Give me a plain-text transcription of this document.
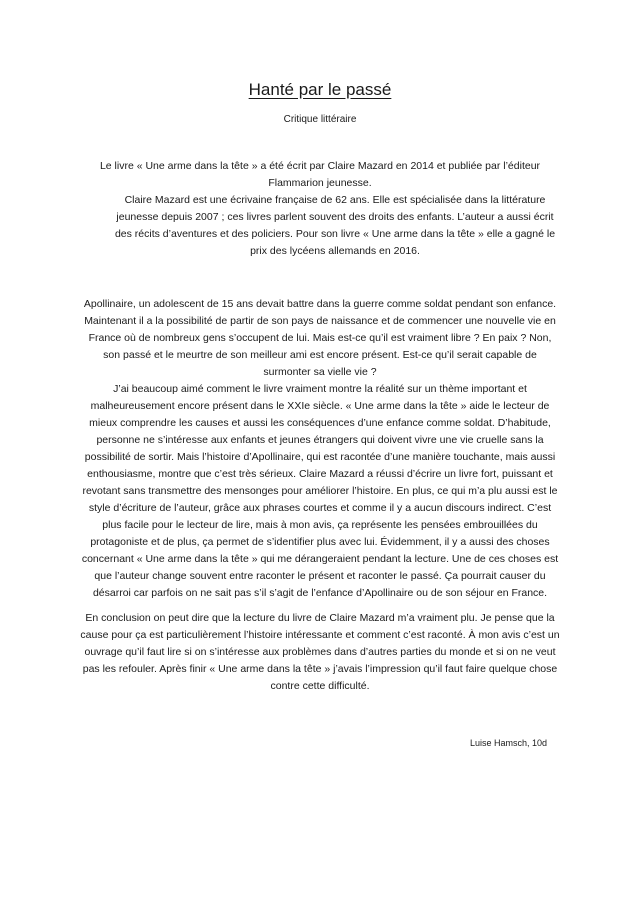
Hanté par le passé
Critique littéraire

Le livre « Une arme dans la tête » a été écrit par Claire Mazard en 2014 et publiée par l’éditeur Flammarion jeunesse.

Claire Mazard est une écrivaine française de 62 ans. Elle est spécialisée dans la littérature jeunesse depuis 2007 ; ces livres parlent souvent des droits des enfants. L’auteur a aussi écrit des récits d’aventures et des policiers. Pour son livre « Une arme dans la tête » elle a gagné le prix des lycéens allemands en 2016.

Apollinaire, un adolescent de 15 ans devait battre dans la guerre comme soldat pendant son enfance. Maintenant il a la possibilité de partir de son pays de naissance et de commencer une nouvelle vie en France où de nombreux gens s’occupent de lui. Mais est-ce qu’il est vraiment libre ? En paix ? Non, son passé et le meurtre de son meilleur ami est encore présent. Est-ce qu’il serait capable de surmonter sa vielle vie ?

J’ai beaucoup aimé comment le livre vraiment montre la réalité sur un thème important et malheureusement encore présent dans le XXIe siècle. « Une arme dans la tête » aide le lecteur de mieux comprendre les causes et aussi les conséquences d’une enfance comme soldat. D’habitude, personne ne s’intéresse aux enfants et jeunes étrangers qui doivent vivre une vie cruelle sans la possibilité de sortir. Mais l’histoire d’Apollinaire, qui est racontée d’une manière touchante, mais aussi enthousiasme, montre que c’est très sérieux. Claire Mazard a réussi d’écrire un livre fort, puissant et revotant sans transmettre des mensonges pour améliorer l’histoire. En plus, ce qui m’a plu aussi est le style d’écriture de l’auteur, grâce aux phrases courtes et comme il y a aucun discours indirect. C’est plus facile pour le lecteur de lire, mais à mon avis, ça représente les pensées embrouillées du protagoniste et de plus, ça permet de s’identifier plus avec lui. Évidemment, il y a aussi des choses concernant « Une arme dans la tête » qui me dérangeraient pendant la lecture. Une de ces choses est que l’auteur change souvent entre raconter le présent et raconter le passé. Ça pourrait causer du désarroi car parfois on ne sait pas s’il s’agit de l’enfance d’Apollinaire ou de son séjour en France.

En conclusion on peut dire que la lecture du livre de Claire Mazard m’a vraiment plu. Je pense que la cause pour ça est particulièrement l’histoire intéressante et comment c’est raconté. À mon avis c’est un ouvrage qu’il faut lire si on s’intéresse aux problèmes dans d’autres parties du monde et si on ne veut pas les refouler. Après finir « Une arme dans la tête » j’avais l’impression qu’il faut faire quelque chose contre cette difficulté.

Luise Hamsch, 10d
